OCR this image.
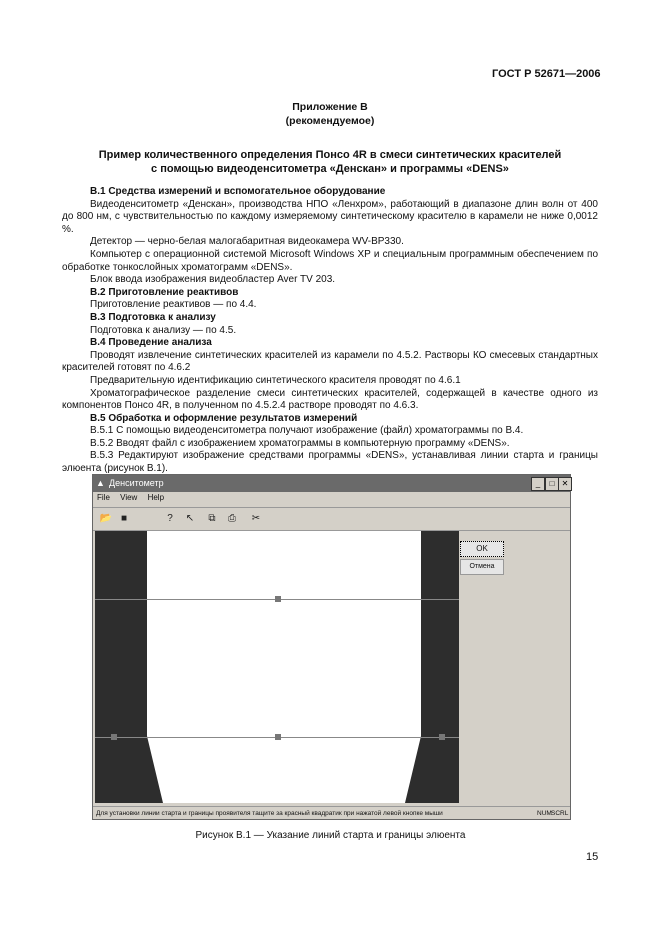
ГОСТ Р 52671—2006
Приложение В
(рекомендуемое)
Пример количественного определения Понсо 4R в смеси синтетических красителей
с помощью видеоденситометра «Денскан» и программы «DENS»
В.1 Средства измерений и вспомогательное оборудование

Видеоденситометр «Денскан», производства НПО «Ленхром», работающий в диапазоне длин волн от 400 до 800 нм, с чувствительностью по каждому измеряемому синтетическому красителю в карамели не ниже 0,0012 %.

Детектор — черно-белая малогабаритная видеокамера WV-BP330.

Компьютер с операционной системой Microsoft Windows XP и специальным программным обеспечением по обработке тонкослойных хроматограмм «DENS».

Блок ввода изображения видеобластер Aver TV 203.

В.2 Приготовление реактивов

Приготовление реактивов — по 4.4.

В.3 Подготовка к анализу

Подготовка к анализу — по 4.5.

В.4 Проведение анализа

Проводят извлечение синтетических красителей из карамели по 4.5.2. Растворы КО смесевых стандартных красителей готовят по 4.6.2

Предварительную идентификацию синтетического красителя проводят по 4.6.1

Хроматографическое разделение смеси синтетических красителей, содержащей в качестве одного из компонентов Понсо 4R, в полученном по 4.5.2.4 растворе проводят по 4.6.3.

В.5 Обработка и оформление результатов измерений

В.5.1 С помощью видеоденситометра получают изображение (файл) хроматограммы по В.4.

В.5.2 Вводят файл с изображением хроматограммы в компьютерную программу «DENS».

В.5.3 Редактируют изображение средствами программы «DENS», устанавливая линии старта и границы элюента (рисунок В.1).

▲ Денситометр	_	□ ✕
File View Help
📂 ■	?	↖	⧉	⎙	✂
OK
Отмена
Для установки линии старта и границы проявителя тащите за красный квадратик при нажатой левой кнопке мыши	NUM SCRL
Рисунок В.1 — Указание линий старта и границы элюента
15
